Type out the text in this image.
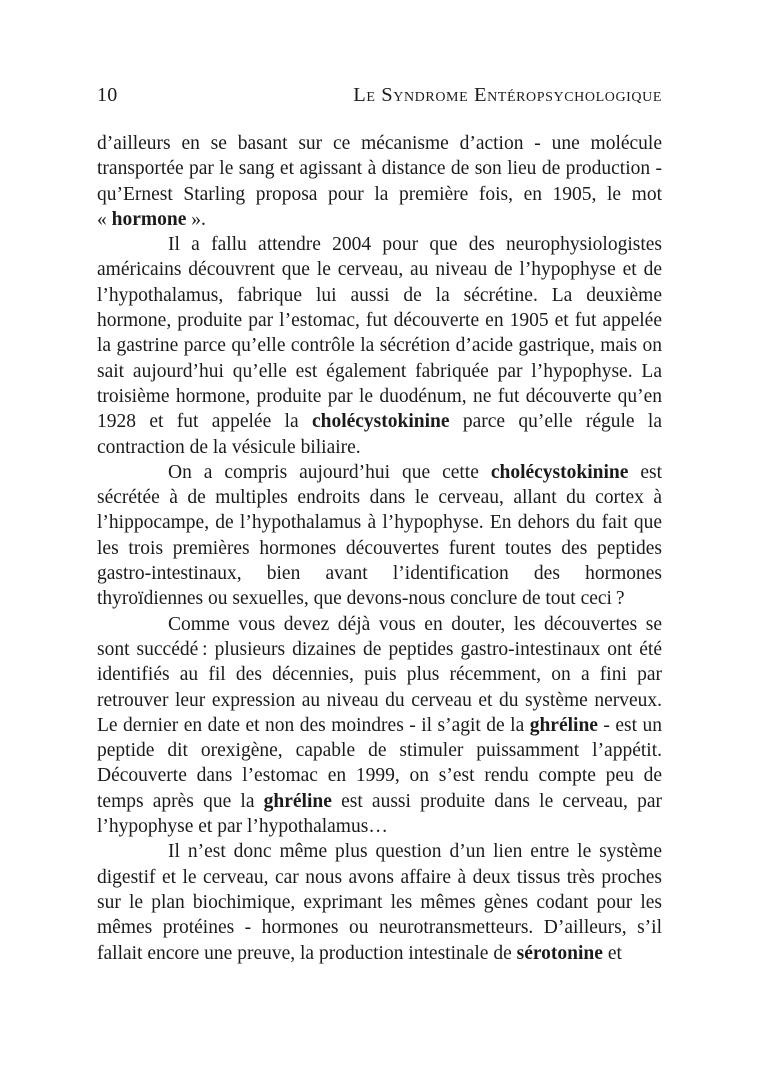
10	Le Syndrome Entéropsychologique

d’ailleurs en se basant sur ce mécanisme d’action - une molécule transportée par le sang et agissant à distance de son lieu de production - qu’Ernest Starling proposa pour la première fois, en 1905, le mot « hormone ».

Il a fallu attendre 2004 pour que des neurophysiologistes américains découvrent que le cerveau, au niveau de l’hypophyse et de l’hypothalamus, fabrique lui aussi de la sécrétine. La deuxième hormone, produite par l’estomac, fut découverte en 1905 et fut appelée la gastrine parce qu’elle contrôle la sécrétion d’acide gastrique, mais on sait aujourd’hui qu’elle est également fabriquée par l’hypophyse. La troisième hormone, produite par le duodénum, ne fut découverte qu’en 1928 et fut appelée la cholécystokinine parce qu’elle régule la contraction de la vésicule biliaire.

On a compris aujourd’hui que cette cholécystokinine est sécrétée à de multiples endroits dans le cerveau, allant du cortex à l’hippocampe, de l’hypothalamus à l’hypophyse. En dehors du fait que les trois premières hormones découvertes furent toutes des peptides gastro-intestinaux, bien avant l’identification des hormones thyroïdiennes ou sexuelles, que devons-nous conclure de tout ceci ?

Comme vous devez déjà vous en douter, les découvertes se sont succédé : plusieurs dizaines de peptides gastro-intestinaux ont été identifiés au fil des décennies, puis plus récemment, on a fini par retrouver leur expression au niveau du cerveau et du système nerveux. Le dernier en date et non des moindres - il s’agit de la ghréline - est un peptide dit orexigène, capable de stimuler puissamment l’appétit. Découverte dans l’estomac en 1999, on s’est rendu compte peu de temps après que la ghréline est aussi produite dans le cerveau, par l’hypophyse et par l’hypothalamus…

Il n’est donc même plus question d’un lien entre le système digestif et le cerveau, car nous avons affaire à deux tissus très proches sur le plan biochimique, exprimant les mêmes gènes codant pour les mêmes protéines - hormones ou neurotransmetteurs. D’ailleurs, s’il fallait encore une preuve, la production intestinale de sérotonine et
